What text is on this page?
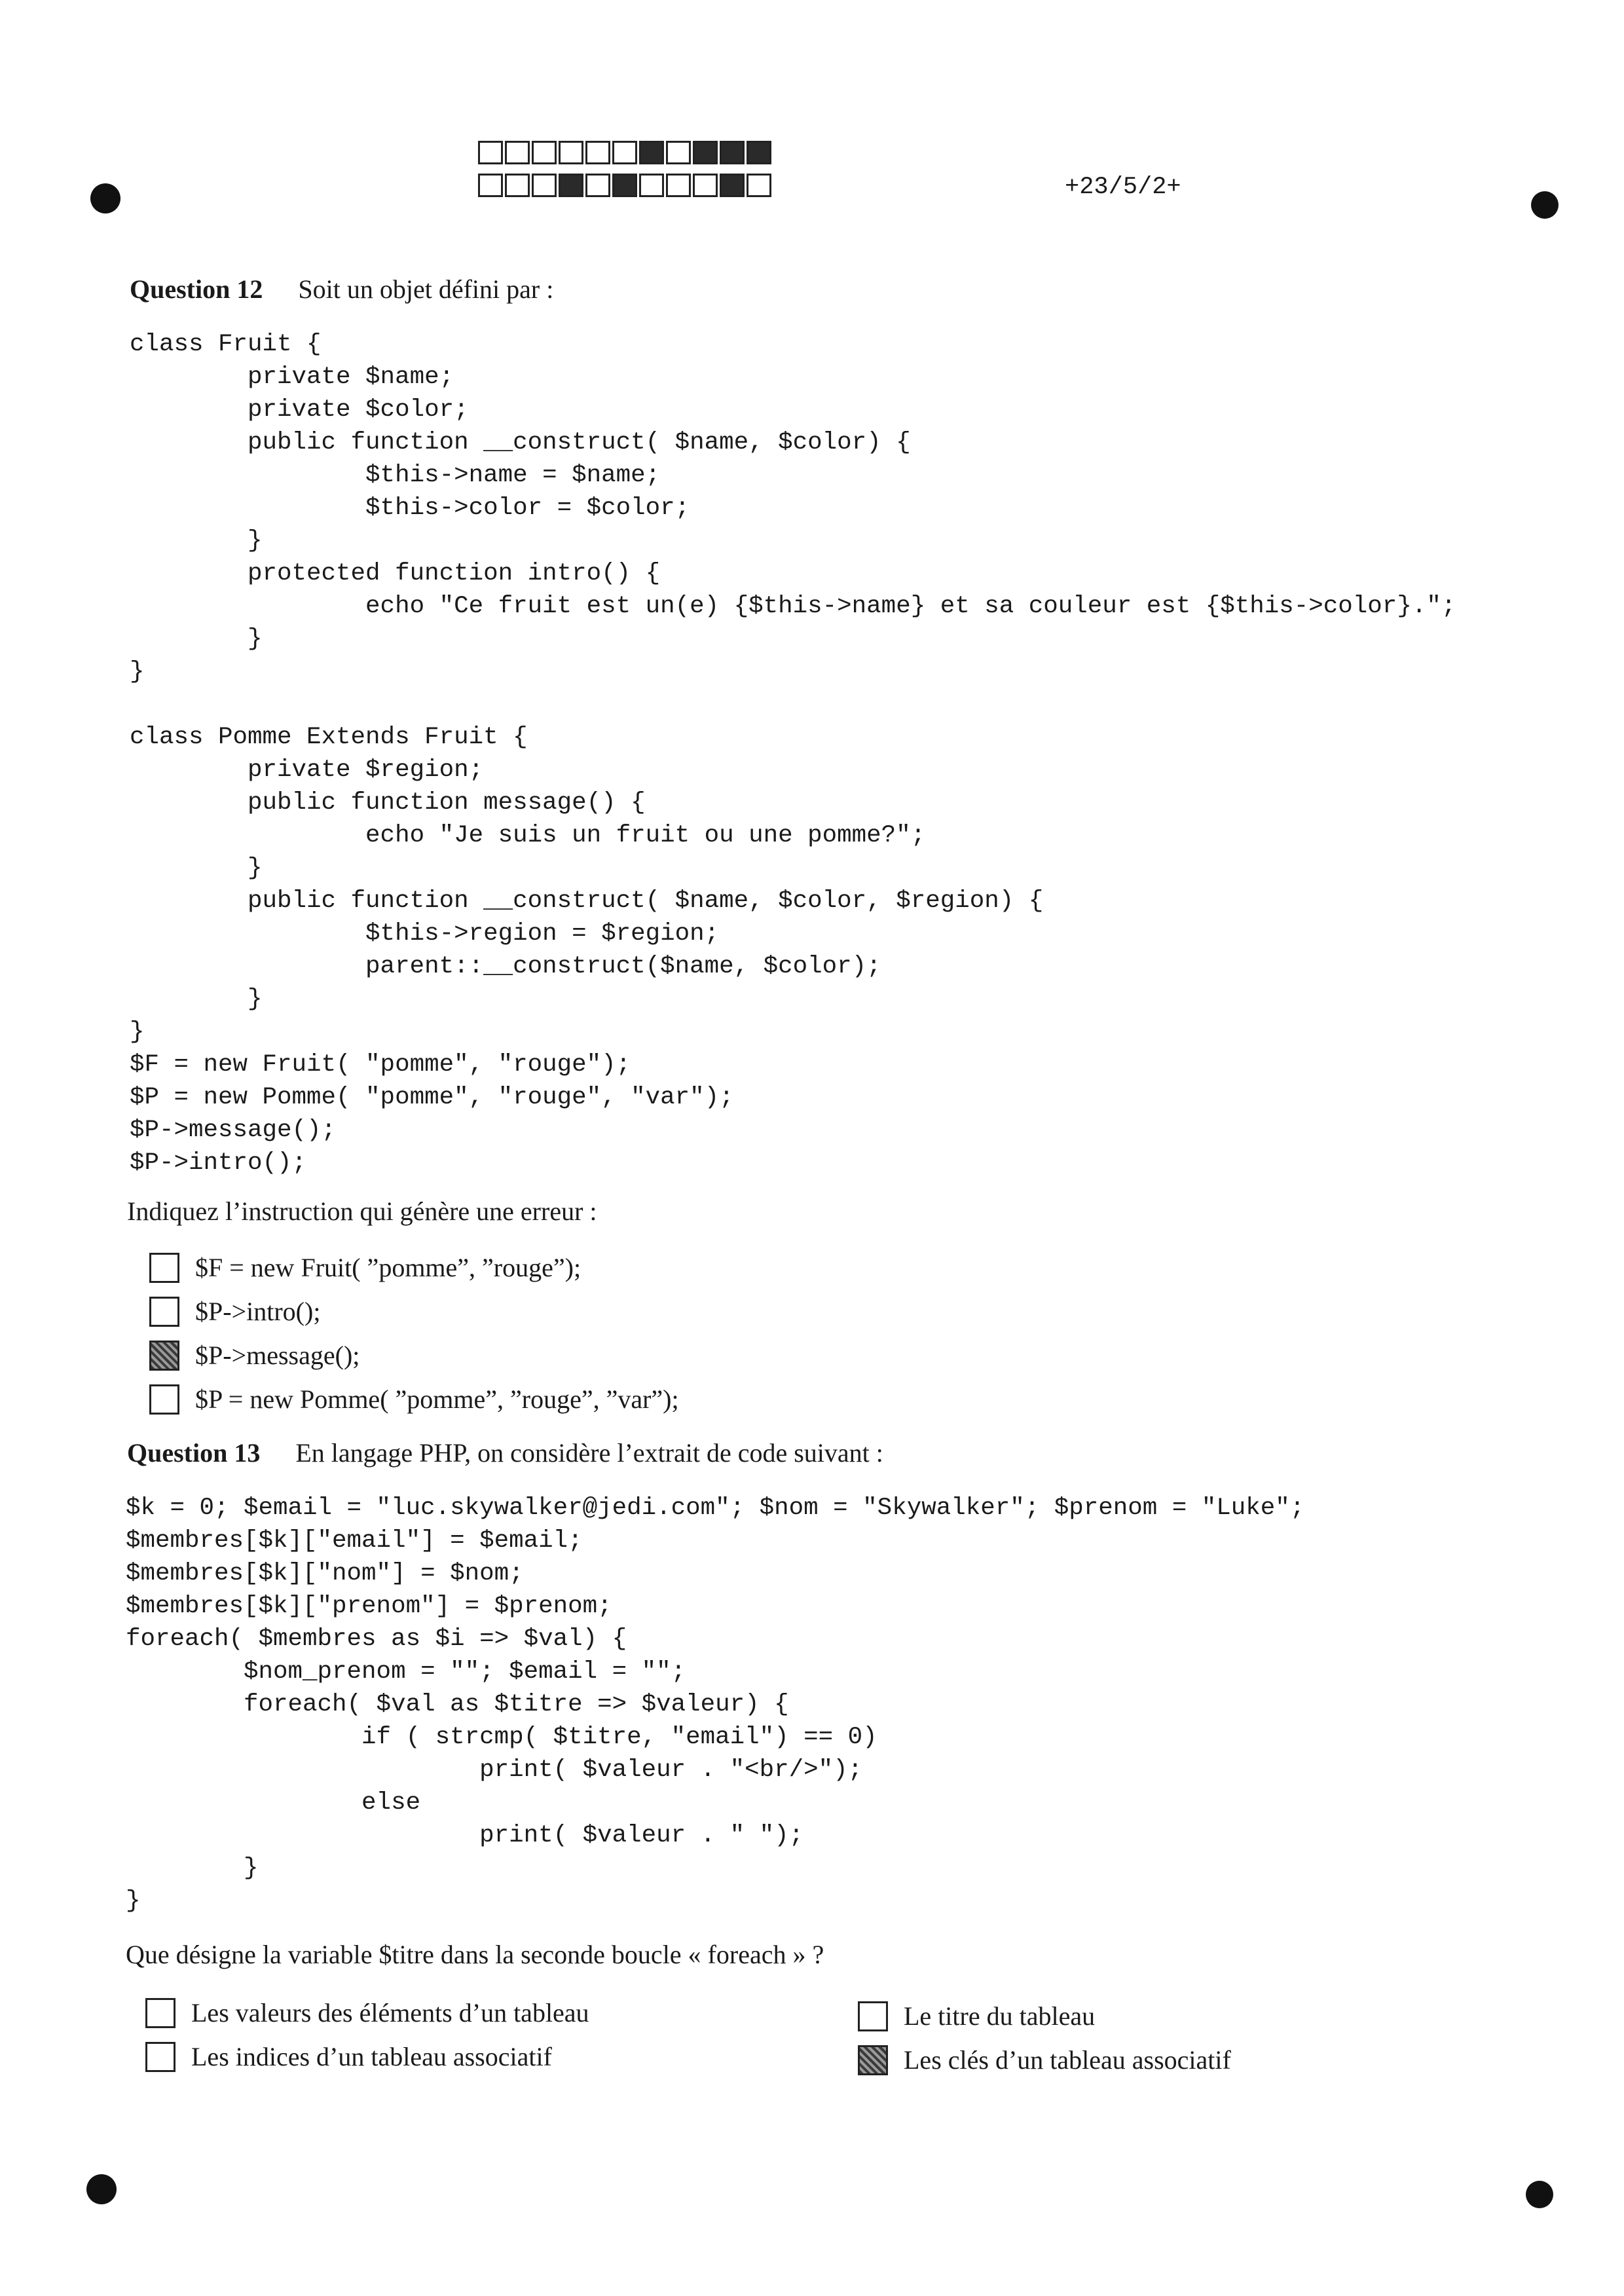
+23/5/2+
Question 12 Soit un objet défini par :
class Fruit {
private $name;
private $color;
public function __construct( $name, $color) {
$this->name = $name;
$this->color = $color;
}
protected function intro() {
echo "Ce fruit est un(e) {$this->name} et sa couleur est {$this->color}.";
}
}

class Pomme Extends Fruit {
private $region;
public function message() {
echo "Je suis un fruit ou une pomme?";
}
public function __construct( $name, $color, $region) {
$this->region = $region;
parent::__construct($name, $color);
}
}
$F = new Fruit( "pomme", "rouge");
$P = new Pomme( "pomme", "rouge", "var");
$P->message();
$P->intro();
Indiquez l’instruction qui génère une erreur :
$F = new Fruit( ”pomme”, ”rouge”);
$P->intro();
$P->message();
$P = new Pomme( ”pomme”, ”rouge”, ”var”);
Question 13 En langage PHP, on considère l’extrait de code suivant :
$k = 0; $email = "luc.skywalker@jedi.com"; $nom = "Skywalker"; $prenom = "Luke";
$membres[$k]["email"] = $email;
$membres[$k]["nom"] = $nom;
$membres[$k]["prenom"] = $prenom;
foreach( $membres as $i => $val) {
$nom_prenom = ""; $email = "";
foreach( $val as $titre => $valeur) {
if ( strcmp( $titre, "email") == 0)
print( $valeur . "<br/>");
else
print( $valeur . " ");
}
}
Que désigne la variable $titre dans la seconde boucle « foreach » ?
Les valeurs des éléments d’un tableau
Les indices d’un tableau associatif
Le titre du tableau
Les clés d’un tableau associatif
